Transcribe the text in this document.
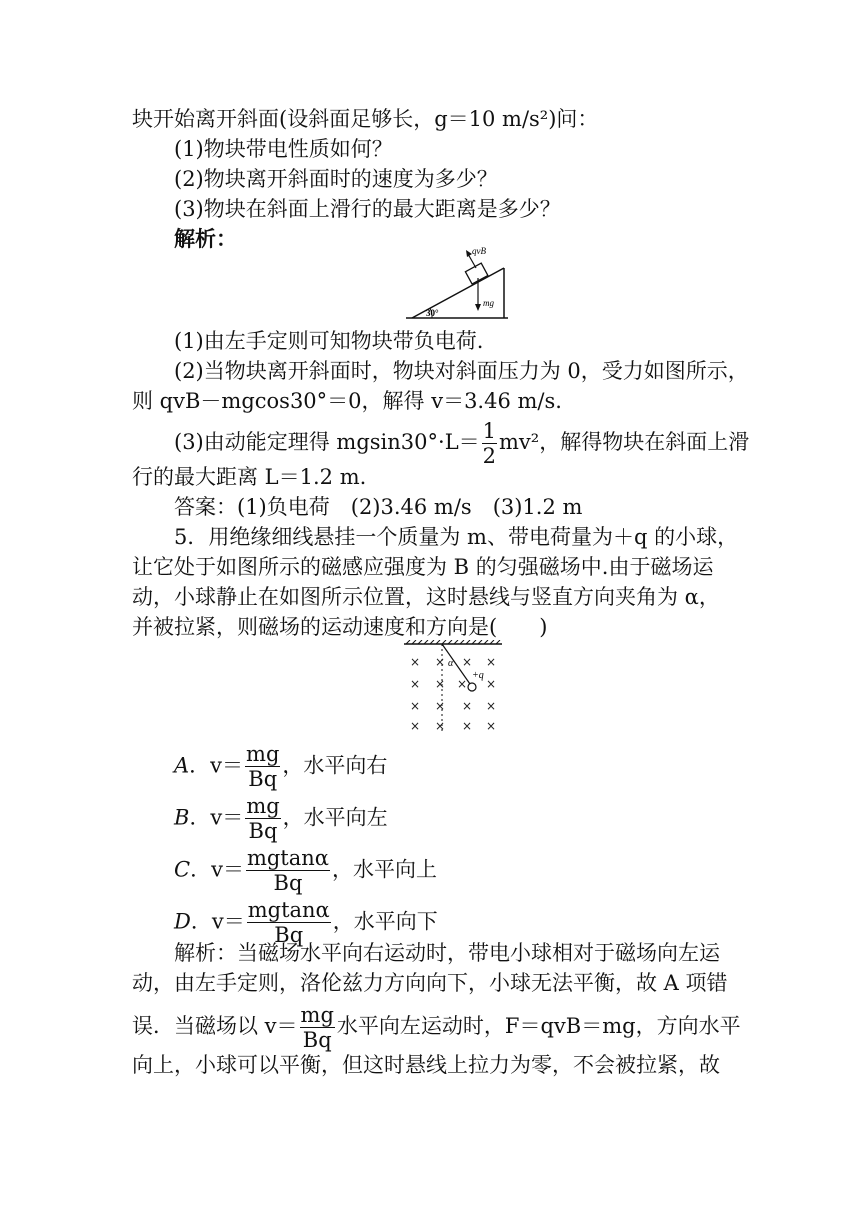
块开始离开斜面(设斜面足够长，g＝10 m/s²)问：
(1)物块带电性质如何？
(2)物块离开斜面时的速度为多少？
(3)物块在斜面上滑行的最大距离是多少？
解析：	qvB
mg
30°
(1)由左手定则可知物块带负电荷.
(2)当物块离开斜面时，物块对斜面压力为 0，受力如图所示，
则 qvB－mgcos30°＝0，解得 v＝3.46 m/s.
(3)由动能定理得 $mgsin30^\circ\cdot L= \frac{1}{2} mv^2$，解得物块在斜面上滑
行的最大距离 L＝1.2 m.
答案：(1)负电荷　(2)3.46 m/s　(3)1.2 m
5．用绝缘细线悬挂一个质量为 m、带电荷量为＋q 的小球，
让它处于如图所示的磁感应强度为 B 的匀强磁场中.由于磁场运
动，小球静止在如图所示位置，这时悬线与竖直方向夹角为 α，
并被拉紧，则磁场的运动速度和方向是(　　)
α
+q
× × × ×
× × × ×
× × × ×
× × × ×
A．$v= \frac{mg}{Bq}$ ，水平向右
B．$v= \frac{mg}{Bq}$ ，水平向左
C．$v= \frac{mgtan\alpha}{Bq}$ ，水平向上
D．$v= \frac{mgtan\alpha}{Bq}$ ，水平向下
解析：当磁场水平向右运动时，带电小球相对于磁场向左运
动，由左手定则，洛伦兹力方向向下，小球无法平衡，故 A 项错
误．当磁场以 $v= \frac{mg}{Bq}$ 水平向左运动时，F＝qvB＝mg，方向水平
向上，小球可以平衡，但这时悬线上拉力为零，不会被拉紧，故
